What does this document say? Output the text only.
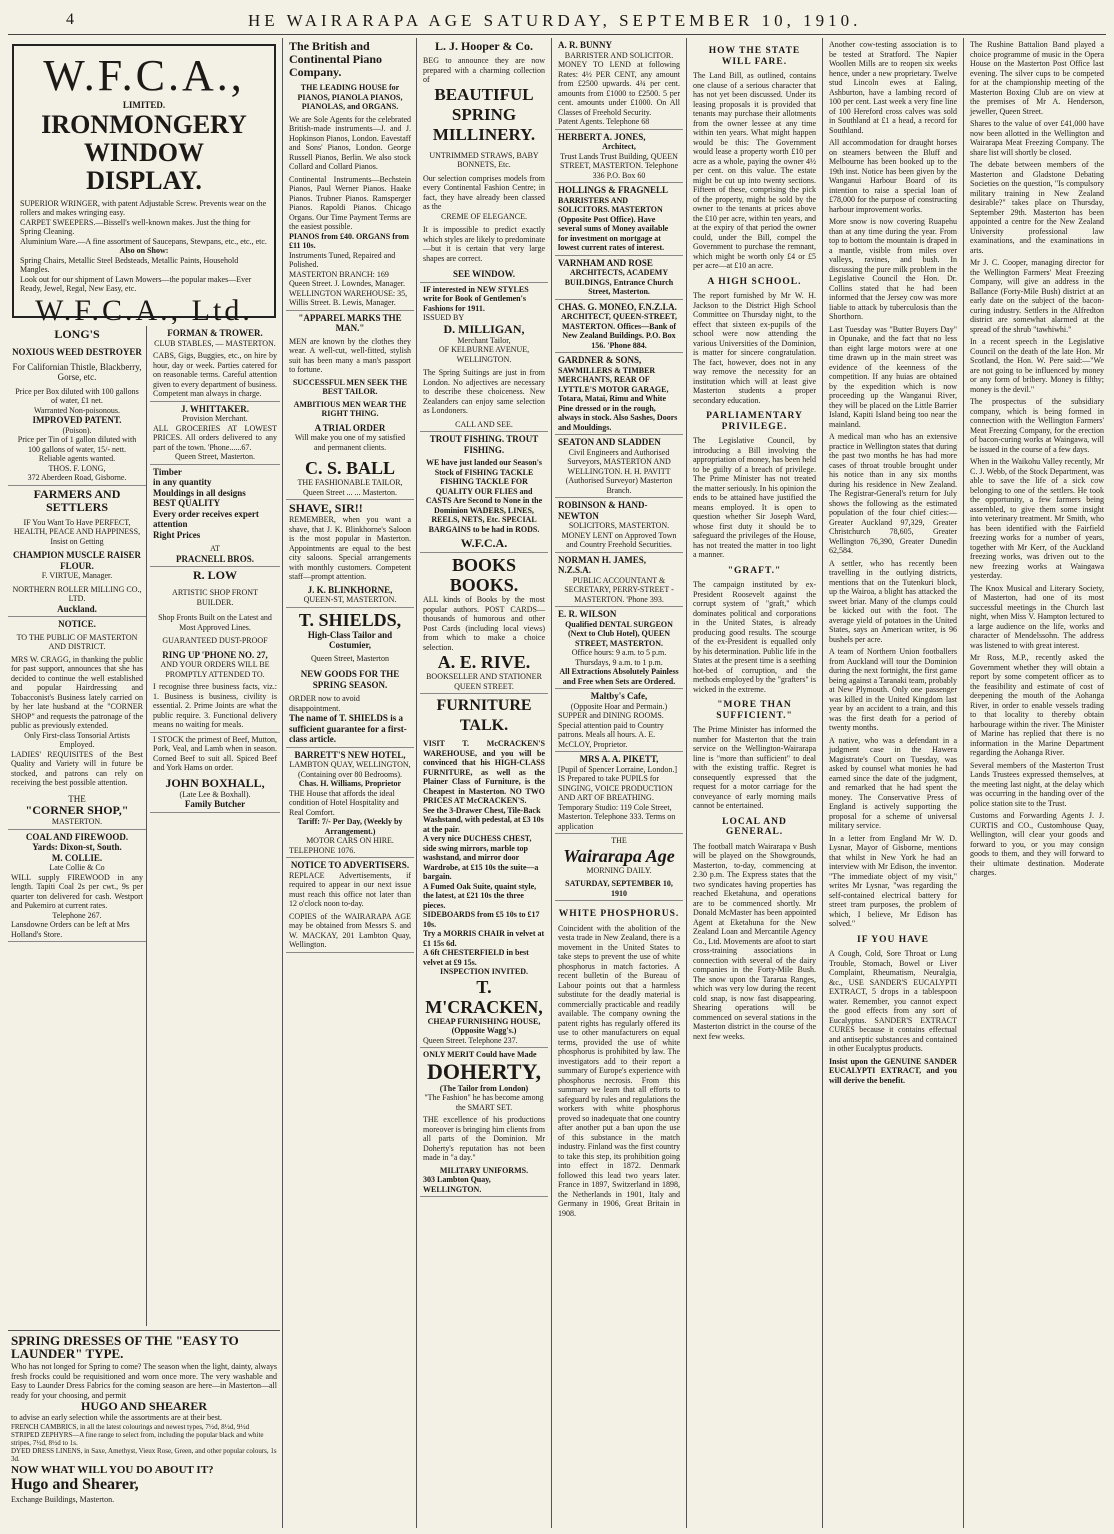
4	HE WAIRARAPA AGE SATURDAY, SEPTEMBER 10, 1910.
LONG'S
NOXIOUS WEED DESTROYER
For Californian Thistle, Blackberry, Gorse, etc.
Price per Box diluted with 100 gallons of water, £1 net.
Warranted Non-poisonous.
IMPROVED PATENT.
(Poison).
Price per Tin of 1 gallon diluted with 100 gallons of water, 15/- nett.
Reliable agents wanted.
THOS. F. LONG,
372 Aberdeen Road, Gisborne.
FARMERS AND SETTLERS
IF You Want To Have PERFECT, HEALTH, PEACE AND HAPPINESS, Insist on Getting
CHAMPION MUSCLE RAISER FLOUR.
F. VIRTUE, Manager.
NORTHERN ROLLER MILLING CO., LTD.
Auckland.
NOTICE.
TO THE PUBLIC OF MASTERTON AND DISTRICT.
MRS W. CRAGG, in thanking the public for past support, announces that she has decided to continue the well established and popular Hairdressing and Tobacconist's Business lately carried on by her late husband at the "CORNER SHOP" and requests the patronage of the public as previously extended.
Only First-class Tonsorial Artists Employed.
LADIES' REQUISITES of the Best Quality and Variety will in future be stocked, and patrons can rely on receiving the best possible attention.
THE
"CORNER SHOP,"
MASTERTON.
COAL AND FIREWOOD.
Yards: Dixon-st, South.
M. COLLIE.
Late Collie & Co
WILL supply FIREWOOD in any length. Tapiti Coal 2s per cwt., 9s per quarter ton delivered for cash. Westport and Pukemiro at current rates.
Telephone 267.
Lansdowne Orders can be left at Mrs Holland's Store.
W.F.C.A.,
LIMITED.
IRONMONGERY WINDOW
DISPLAY.
SUPERIOR WRINGER, with patent Adjustable Screw. Prevents wear on the rollers and makes wringing easy.
CARPET SWEEPERS.—Bissell's well-known makes. Just the thing for Spring Cleaning.
Aluminium Ware.—A fine assortment of Saucepans, Stewpans, etc., etc., etc.
Also on Show:
Spring Chairs, Metallic Steel Bedsteads, Metallic Paints, Household Mangles.
Look out for our shipment of Lawn Mowers—the popular makes—Ever Ready, Jewel, Regal, New Easy, etc.
W.F.C.A., Ltd.
FORMAN & TROWER.
CLUB STABLES, — MASTERTON.
CABS, Gigs, Buggies, etc., on hire by hour, day or week. Parties catered for on reasonable terms. Careful attention given to every department of business. Competent man always in charge.
J. WHITTAKER.
Provision Merchant.
ALL GROCERIES AT LOWEST PRICES. All orders delivered to any part of the town. 'Phone......67.
Queen Street, Masterton.
Timber
in any quantity
Mouldings in all designs
BEST QUALITY
Every order receives expert attention
Right Prices
AT
PRACNELL BROS.
R. LOW
ARTISTIC SHOP FRONT BUILDER.
Shop Fronts Built on the Latest and Most Approved Lines.
GUARANTEED DUST-PROOF
RING UP 'PHONE NO. 27,
AND YOUR ORDERS WILL BE PROMPTLY ATTENDED TO.
I recognise three business facts, viz.: 1. Business is business, civility is essential. 2. Prime Joints are what the public require. 3. Functional delivery means no waiting for meals.
I STOCK the primest of Beef, Mutton, Pork, Veal, and Lamb when in season. Corned Beef to suit all. Spiced Beef and York Hams on order.
JOHN BOXHALL,
(Late Lee & Boxhall).
Family Butcher
SPRING DRESSES OF THE "EASY TO LAUNDER" TYPE.
Who has not longed for Spring to come? The season when the light, dainty, always fresh frocks could be requisitioned and worn once more. The very washable and Easy to Launder Dress Fabrics for the coming season are here—in Masterton—all ready for your choosing, and permit
HUGO AND SHEARER
to advise an early selection while the assortments are at their best.
FRENCH CAMBRICS, in all the latest colourings and newest types, 7½d, 8½d, 9½d
STRIPED ZEPHYRS—A fine range to select from, including the popular black and white stripes, 7½d, 8½d to 1s.
DYED DRESS LINENS, in Saxe, Amethyst, Vieux Rose, Green, and other popular colours, 1s 3d.
NOW WHAT WILL YOU DO ABOUT IT?
Hugo and Shearer,
Exchange Buildings, Masterton.
The British and Continental Piano Company.
THE LEADING HOUSE for PIANOS, PIANOLA PIANOS, PIANOLAS, and ORGANS.
We are Sole Agents for the celebrated British-made instruments—J. and J. Hopkinson Pianos, London. Eavestaff and Sons' Pianos, London. George Russell Pianos, Berlin. We also stock Collard and Collard Pianos.
Continental Instruments—Bechstein Pianos, Paul Werner Pianos. Haake Pianos. Trubner Pianos. Ramsperger Pianos. Rapoldi Pianos. Chicago Organs. Our Time Payment Terms are the easiest possible.
PIANOS from £40. ORGANS from £11 10s.
Instruments Tuned, Repaired and Polished.
MASTERTON BRANCH: 169 Queen Street. J. Lowndes, Manager. WELLINGTON WAREHOUSE: 35, Willis Street. B. Lewis, Manager.
"APPAREL MARKS THE MAN."
MEN are known by the clothes they wear. A well-cut, well-fitted, stylish suit has been many a man's passport to fortune.
SUCCESSFUL MEN SEEK THE BEST TAILOR.
AMBITIOUS MEN WEAR THE RIGHT THING.
A TRIAL ORDER
Will make you one of my satisfied and permanent clients.
C. S. BALL
THE FASHIONABLE TAILOR,
Queen Street ... ... Masterton.
SHAVE, SIR!!
REMEMBER, when you want a shave, that J. K. Blinkhorne's Saloon is the most popular in Masterton. Appointments are equal to the best city saloons. Special arrangements with monthly customers. Competent staff—prompt attention.
J. K. BLINKHORNE,
QUEEN-ST, MASTERTON.
T. SHIELDS,
High-Class Tailor and Costumier,
Queen Street, Masterton
NEW GOODS FOR THE SPRING SEASON.
ORDER now to avoid disappointment.
The name of T. SHIELDS is a sufficient guarantee for a first-class article.
BARRETT'S NEW HOTEL,
LAMBTON QUAY, WELLINGTON,
(Containing over 80 Bedrooms).
Chas. H. Williams, Proprietor
THE House that affords the ideal condition of Hotel Hospitality and Real Comfort.
Tariff: 7/- Per Day, (Weekly by Arrangement.)
MOTOR CARS ON HIRE.
TELEPHONE 1076.
NOTICE TO ADVERTISERS.
REPLACE Advertisements, if required to appear in our next issue must reach this office not later than 12 o'clock noon to-day.
COPIES of the WAIRARAPA AGE may be obtained from Messrs S. and W. MACKAY, 201 Lambton Quay, Wellington.
L. J. Hooper & Co.
BEG to announce they are now prepared with a charming collection of
BEAUTIFUL SPRING MILLINERY.
UNTRIMMED STRAWS, BABY BONNETS, Etc.
Our selection comprises models from every Continental Fashion Centre; in fact, they have already been classed as the
CREME OF ELEGANCE.
It is impossible to predict exactly which styles are likely to predominate—but it is certain that very large shapes are correct.
SEE WINDOW.
IF interested in NEW STYLES write for Book of Gentlemen's Fashions for 1911.
ISSUED BY
D. MILLIGAN,
Merchant Tailor,
OF KELBURNE AVENUE, WELLINGTON.
The Spring Suitings are just in from London. No adjectives are necessary to describe these choiceness. New Zealanders can enjoy same selection as Londoners.
CALL AND SEE.
TROUT FISHING. TROUT FISHING.
WE have just landed our Season's Stock of FISHING TACKLE FISHING TACKLE FOR QUALITY OUR FLIES and CASTS Are Second to None in the Dominion WADERS, LINES, REELS, NETS, Etc. SPECIAL BARGAINS to be had in RODS.
W.F.C.A.
BOOKS BOOKS.
ALL kinds of Books by the most popular authors. POST CARDS—thousands of humorous and other Post Cards (including local views) from which to make a choice selection.
A. E. RIVE.
BOOKSELLER AND STATIONER QUEEN STREET.
FURNITURE TALK.
VISIT T. McCRACKEN'S WAREHOUSE, and you will be convinced that his HIGH-CLASS FURNITURE, as well as the Plainer Class of Furniture, is the Cheapest in Masterton. NO TWO PRICES AT McCRACKEN'S.
See the 3-Drawer Chest, Tile-Back Washstand, with pedestal, at £3 10s at the pair.
A very nice DUCHESS CHEST, side swing mirrors, marble top washstand, and mirror door Wardrobe, at £15 10s the suite—a bargain.
A Fumed Oak Suite, quaint style, the latest, at £21 10s the three pieces.
SIDEBOARDS from £5 10s to £17 10s.
Try a MORRIS CHAIR in velvet at £1 15s 6d.
A 6ft CHESTERFIELD in best velvet at £9 15s.
INSPECTION INVITED.
T. M'CRACKEN,
CHEAP FURNISHING HOUSE, (Opposite Wagg's.)
Queen Street. Telephone 237.
ONLY MERIT Could have Made
DOHERTY,
(The Tailor from London)
"The Fashion" he has become among the SMART SET.
THE excellence of his productions moreover is bringing him clients from all parts of the Dominion. Mr Doherty's reputation has not been made in "a day."
MILITARY UNIFORMS.
303 Lambton Quay, WELLINGTON.
A. R. BUNNY
BARRISTER AND SOLICITOR.
MONEY TO LEND at following Rates: 4½ PER CENT, any amount from £2500 upwards. 4¾ per cent. amounts from £1000 to £2500. 5 per cent. amounts under £1000. On All Classes of Freehold Security.
Patent Agents. Telephone 68
HERBERT A. JONES,
Architect,
Trust Lands Trust Building, QUEEN STREET, MASTERTON. Telephone 336 P.O. Box 60
HOLLINGS & FRAGNELL
BARRISTERS AND SOLICITORS. MASTERTON (Opposite Post Office). Have several sums of Money available for investment on mortgage at lowest current rates of interest.
VARNHAM AND ROSE
ARCHITECTS, ACADEMY BUILDINGS, Entrance Church Street, Masterton.
CHAS. G. MONEO, F.N.Z.I.A.
ARCHITECT, QUEEN-STREET, MASTERTON. Offices—Bank of New Zealand Buildings. P.O. Box 156. 'Phone 884.
GARDNER & SONS,
SAWMILLERS & TIMBER MERCHANTS, REAR OF LYTTLE'S MOTOR GARAGE, Totara, Matai, Rimu and White Pine dressed or in the rough, always in stock. Also Sashes, Doors and Mouldings.
SEATON AND SLADDEN
Civil Engineers and Authorised Surveyors, MASTERTON AND WELLINGTON. H. H. PAVITT (Authorised Surveyor) Masterton Branch.
ROBINSON & HAND-NEWTON
SOLICITORS, MASTERTON. MONEY LENT on Approved Town and Country Freehold Securities.
NORMAN H. JAMES, N.Z.S.A.
PUBLIC ACCOUNTANT & SECRETARY, PERRY-STREET - MASTERTON. 'Phone 393.
E. R. WILSON
Qualified DENTAL SURGEON (Next to Club Hotel), QUEEN STREET, MASTERTON.
Office hours: 9 a.m. to 5 p.m. Thursdays, 9 a.m. to 1 p.m.
All Extractions Absolutely Painless and Free when Sets are Ordered.
Maltby's Cafe,
(Opposite Hoar and Permain.)
SUPPER and DINING ROOMS. Special attention paid to Country patrons. Meals all hours. A. E. McCLOY, Proprietor.
MRS A. A. PIKETT,
[Pupil of Spencer Lorraine, London.] IS Prepared to take PUPILS for SINGING, VOICE PRODUCTION AND ART OF BREATHING. Temporary Studio: 119 Cole Street, Masterton. Telephone 333. Terms on application
THE
Wairarapa Age
MORNING DAILY.
SATURDAY, SEPTEMBER 10, 1910
WHITE PHOSPHORUS.
Coincident with the abolition of the vesta trade in New Zealand, there is a movement in the United States to take steps to prevent the use of white phosphorus in match factories. A recent bulletin of the Bureau of Labour points out that a harmless substitute for the deadly material is commercially practicable and readily available. The company owning the patent rights has regularly offered its use to other manufacturers on equal terms, provided the use of white phosphorus is prohibited by law. The investigators add to their report a summary of Europe's experience with phosphorus necrosis. From this summary we learn that all efforts to safeguard by rules and regulations the workers with white phosphorus proved so inadequate that one country after another put a ban upon the use of this substance in the match industry. Finland was the first country to take this step, its prohibition going into effect in 1872. Denmark followed this lead two years later. France in 1897, Switzerland in 1898, the Netherlands in 1901, Italy and Germany in 1906, Great Britain in 1908.
HOW THE STATE WILL FARE.
The Land Bill, as outlined, contains one clause of a serious character that has not yet been discussed. Under its leasing proposals it is provided that tenants may purchase their allotments from the owner lessee at any time within ten years. What might happen would be this: The Government would lease a property worth £10 per acre as a whole, paying the owner 4½ per cent. on this value. The estate might be cut up into twenty sections. Fifteen of these, comprising the pick of the property, might be sold by the owner to the tenants at prices above the £10 per acre, within ten years, and at the expiry of that period the owner could, under the Bill, compel the Government to purchase the remnant, which might be worth only £4 or £5 per acre—at £10 an acre.
A HIGH SCHOOL.
The report furnished by Mr W. H. Jackson to the District High School Committee on Thursday night, to the effect that sixteen ex-pupils of the school were now attending the various Universities of the Dominion, is matter for sincere congratulation. The fact, however, does not in any way remove the necessity for an institution which will at least give Masterton students a proper secondary education.
PARLIAMENTARY PRIVILEGE.
The Legislative Council, by introducing a Bill involving the appropriation of money, has been held to be guilty of a breach of privilege. The Prime Minister has not treated the matter seriously. In his opinion the ends to be attained have justified the means employed. It is open to question whether Sir Joseph Ward, whose first duty it should be to safeguard the privileges of the House, has not treated the matter in too light a manner.
"GRAFT."
The campaign instituted by ex-President Roosevelt against the corrupt system of "graft," which dominates political and corporations in the United States, is already producing good results. The scourge of the ex-President is equalled only by his determination. Public life in the States at the present time is a seething hot-bed of corruption, and the methods employed by the "grafters" is wicked in the extreme.
"MORE THAN SUFFICIENT."
The Prime Minister has informed the number for Masterton that the train service on the Wellington-Wairarapa line is "more than sufficient" to deal with the existing traffic. Regret is consequently expressed that the request for a motor carriage for the conveyance of early morning mails cannot be entertained.
LOCAL AND GENERAL.
The football match Wairarapa v Bush will be played on the Showgrounds, Masterton, to-day, commencing at 2.30 p.m. The Express states that the two syndicates having properties has reached Eketahuna, and operations are to be commenced shortly. Mr Donald McMaster has been appointed Agent at Eketahuna for the New Zealand Loan and Mercantile Agency Co., Ltd. Movements are afoot to start cross-training associations in connection with several of the dairy companies in the Forty-Mile Bush. The snow upon the Tararua Ranges, which was very low during the recent cold snap, is now fast disappearing. Shearing operations will be commenced on several stations in the Masterton district in the course of the next few weeks.

Another cow-testing association is to be tested at Stratford. The Napier Woollen Mills are to reopen six weeks hence, under a new proprietary. Twelve stud Lincoln ewes at Ealing, Ashburton, have a lambing record of 100 per cent. Last week a very fine line of 100 Hereford cross calves was sold in Southland at £1 a head, a record for Southland.

All accommodation for draught horses on steamers between the Bluff and Melbourne has been booked up to the 19th inst. Notice has been given by the Wanganui Harbour Board of its intention to raise a special loan of £78,000 for the purpose of constructing harbour improvement works.

More snow is now covering Ruapehu than at any time during the year. From top to bottom the mountain is draped in a mantle, visible from miles over valleys, ravines, and bush. In discussing the pure milk problem in the Legislative Council the Hon. Dr. Collins stated that he had been informed that the Jersey cow was more liable to attack by tuberculosis than the Shorthorn.

Last Tuesday was "Butter Buyers Day" in Opunake, and the fact that no less than eight large motors were at one time drawn up in the main street was evidence of the keenness of the competition. If any huias are obtained by the expedition which is now proceeding up the Wanganui River, they will be placed on the Little Barrier Island, Kapiti Island being too near the mainland.

A medical man who has an extensive practice in Wellington states that during the past two months he has had more cases of throat trouble brought under his notice than in any six months during his residence in New Zealand. The Registrar-General's return for July shows the following as the estimated population of the four chief cities:—Greater Auckland 97,329, Greater Christchurch 78,605, Greater Wellington 76,390, Greater Dunedin 62,584.

A settler, who has recently been travelling in the outlying districts, mentions that on the Tutenkuri block, up the Wairoa, a blight has attacked the sweet briar. Many of the clumps could be kicked out with the foot. The average yield of potatoes in the United States, says an American writer, is 96 bushels per acre.

A team of Northern Union footballers from Auckland will tour the Dominion during the next fortnight, the first game being against a Taranaki team, probably at New Plymouth. Only one passenger was killed in the United Kingdom last year by an accident to a train, and this was the first death for a period of twenty months.

A native, who was a defendant in a judgment case in the Hawera Magistrate's Court on Tuesday, was asked by counsel what monies he had earned since the date of the judgment, and remarked that he had spent the money. The Conservative Press of England is actively supporting the proposal for a scheme of universal military service.

In a letter from England Mr W. D. Lysnar, Mayor of Gisborne, mentions that whilst in New York he had an interview with Mr Edison, the inventor. "The immediate object of my visit," writes Mr Lysnar, "was regarding the self-contained electrical battery for street tram purposes, the problem of which, I believe, Mr Edison has solved."

IF YOU HAVE

A Cough, Cold, Sore Throat or Lung Trouble, Stomach, Bowel or Liver Complaint, Rheumatism, Neuralgia, &c., USE SANDER'S EUCALYPTI EXTRACT, 5 drops in a tablespoon water. Remember, you cannot expect the good effects from any sort of Eucalyptus. SANDER'S EXTRACT CURES because it contains effectual and antiseptic substances and contained in other Eucalyptus products.

Insist upon the GENUINE SANDER EUCALYPTI EXTRACT, and you will derive the benefit.

The Rushine Battalion Band played a choice programme of music in the Opera House on the Masterton Post Office last evening. The silver cups to be competed for at the championship meeting of the Masterton Boxing Club are on view at the premises of Mr A. Henderson, jeweller, Queen Street.

Shares to the value of over £41,000 have now been allotted in the Wellington and Wairarapa Meat Freezing Company. The share list will shortly be closed.

The debate between members of the Masterton and Gladstone Debating Societies on the question, "Is compulsory military training in New Zealand desirable?" takes place on Thursday, September 29th. Masterton has been appointed a centre for the New Zealand University professional law examinations, and the examinations in arts.

Mr J. C. Cooper, managing director for the Wellington Farmers' Meat Freezing Company, will give an address in the Ballance (Forty-Mile Bush) district at an early date on the subject of the bacon-curing industry. Settlers in the Alfredton district are somewhat alarmed at the spread of the shrub "tawhiwhi."

In a recent speech in the Legislative Council on the death of the late Hon. Mr Scotland, the Hon. W. Pere said:—"We are not going to be influenced by money or any form of bribery. Money is filthy; money is the devil."

The prospectus of the subsidiary company, which is being formed in connection with the Wellington Farmers' Meat Freezing Company, for the erection of bacon-curing works at Waingawa, will be issued in the course of a few days.

When in the Waikohu Valley recently, Mr C. J. Webb, of the Stock Department, was able to save the life of a sick cow belonging to one of the settlers. He took the opportunity, a few farmers being assembled, to give them some insight into veterinary treatment. Mr Smith, who has been identified with the Fairfield freezing works for a number of years, together with Mr Kerr, of the Auckland freezing works, was driven out to the new freezing works at Waingawa yesterday.

The Knox Musical and Literary Society, of Masterton, had one of its most successful meetings in the Church last night, when Miss V. Hampton lectured to a large audience on the life, works and character of Mendelssohn. The address was listened to with great interest.

Mr Ross, M.P., recently asked the Government whether they will obtain a report by some competent officer as to the feasibility and estimate of cost of deepening the mouth of the Aohanga River, in order to enable vessels trading to that locality to thereby obtain harbourage within the river. The Minister of Marine has replied that there is no information in the Marine Department regarding the Aohanga River.

Several members of the Masterton Trust Lands Trustees expressed themselves, at the meeting last night, at the delay which was occurring in the handing over of the police station site to the Trust.

Customs and Forwarding Agents J. J. CURTIS and CO., Customhouse Quay, Wellington, will clear your goods and forward to you, or you may consign goods to them, and they will forward to their ultimate destination. Moderate charges.
